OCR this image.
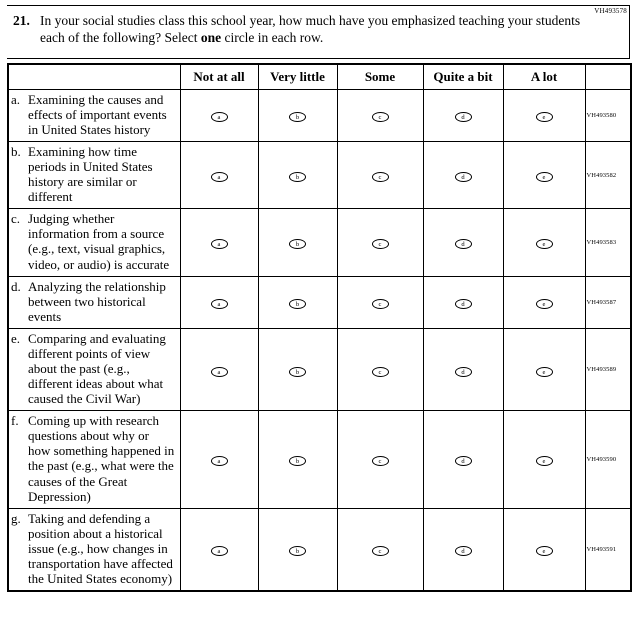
VH493578
21. In your social studies class this school year, how much have you emphasized teaching your students each of the following? Select one circle in each row.
	Not at all	Very little	Some	Quite a bit	A lot	
a. Examining the causes and effects of important events in United States history	a	b	c	d	e	VH493580
b. Examining how time periods in United States history are similar or different	a	b	c	d	e	VH493582
c. Judging whether information from a source (e.g., text, visual graphics, video, or audio) is accurate	a	b	c	d	e	VH493583
d. Analyzing the relationship between two historical events	a	b	c	d	e	VH493587
e. Comparing and evaluating different points of view about the past (e.g., different ideas about what caused the Civil War)	a	b	c	d	e	VH493589
f. Coming up with research questions about why or how something happened in the past (e.g., what were the causes of the Great Depression)	a	b	c	d	e	VH493590
g. Taking and defending a position about a historical issue (e.g., how changes in transportation have affected the United States economy)	a	b	c	d	e	VH493591
